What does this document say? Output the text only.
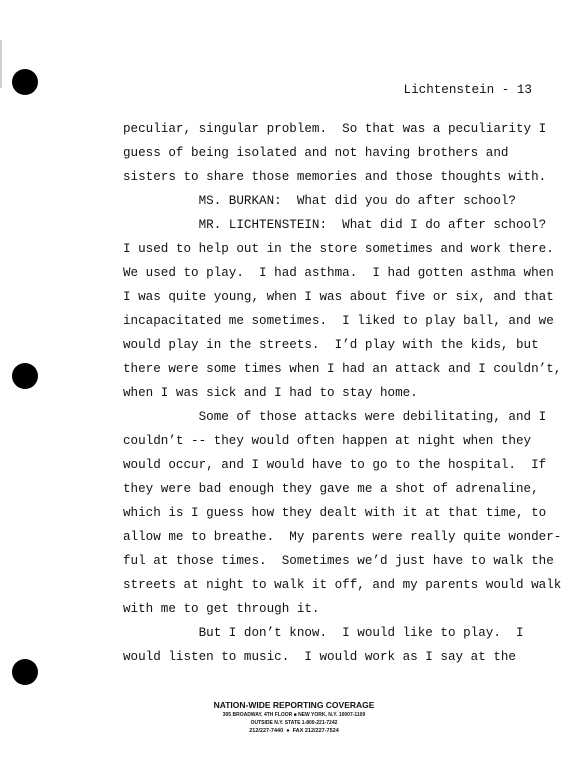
Lichtenstein - 13
peculiar, singular problem.  So that was a peculiarity I
guess of being isolated and not having brothers and
sisters to share those memories and those thoughts with.
MS. BURKAN:  What did you do after school?
MR. LICHTENSTEIN:  What did I do after school?
I used to help out in the store sometimes and work there.
We used to play.  I had asthma.  I had gotten asthma when
I was quite young, when I was about five or six, and that
incapacitated me sometimes.  I liked to play ball, and we
would play in the streets.  I’d play with the kids, but
there were some times when I had an attack and I couldn’t,
when I was sick and I had to stay home.
Some of those attacks were debilitating, and I
couldn’t -- they would often happen at night when they
would occur, and I would have to go to the hospital.  If
they were bad enough they gave me a shot of adrenaline,
which is I guess how they dealt with it at that time, to
allow me to breathe.  My parents were really quite wonder-
ful at those times.  Sometimes we’d just have to walk the
streets at night to walk it off, and my parents would walk
with me to get through it.
But I don’t know.  I would like to play.  I
would listen to music.  I would work as I say at the
NATION-WIDE REPORTING COVERAGE
305 BROADWAY, 4TH FLOOR ■ NEW YORK, N.Y. 10007-1109
OUTSIDE N.Y. STATE 1-800-221-7242
212/227-7440  ●  FAX 212/227-7524
